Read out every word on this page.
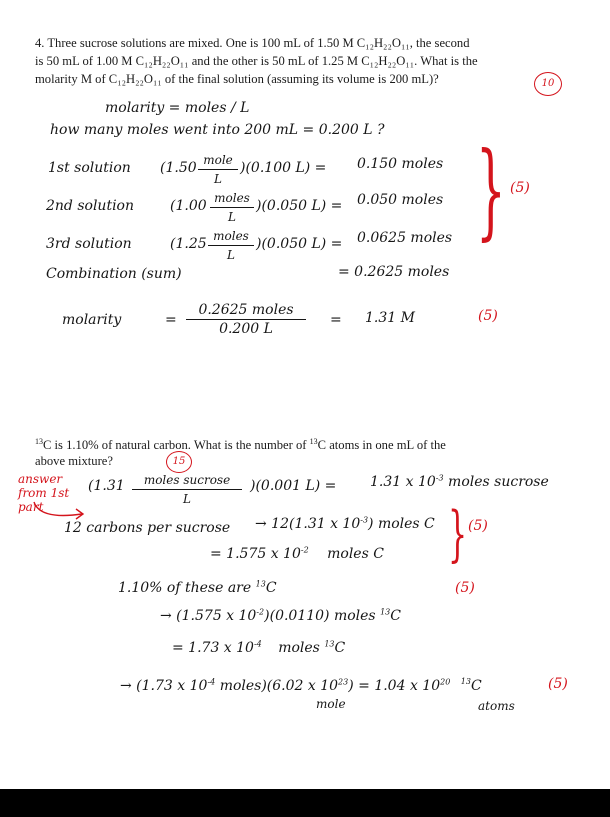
4. Three sucrose solutions are mixed. One is 100 mL of 1.50 M C₁₂H₂₂O₁₁, the second
is 50 mL of 1.00 M C₁₂H₂₂O₁₁ and the other is 50 mL of 1.25 M C₁₂H₂₂O₁₁. What is the
molarity M of C₁₂H₂₂O₁₁ of the final solution (assuming its volume is 200 mL)?	10
molarity = moles / L
how many moles went into 200 mL = 0.200 L ?
1st solution (1.50 mole
L
)(0.100 L) = 0.150 moles
2nd solution	(1.00 moles
L
)(0.050 L) = 0.050 moles
3rd solution	(1.25 moles
L
)(0.050 L) = 0.0625 moles } (5)
Combination (sum)	= 0.2625 moles
molarity	=
0.2625 moles
0.200 L
= 1.31 M	(5)
$^{13}$C is 1.10% of natural carbon. What is the number of $^{13}$C atoms in one mL of the
above mixture?	15
answer from 1st part
(1.31	moles sucrose
L
)(0.001 L) = 1.31 x $10^{-3}$ moles sucrose
12 carbons per sucrose → 12(1.31 x $10^{-3}$) moles C } (5)
= 1.575 x $10^{-2}$ moles C
1.10% of these are $^{13}$C	(5)
→ (1.575 x $10^{-2})(0.0110)$ moles $^{13}$C
= 1.73 x $10^{-4}$ moles $^{13}$C
→ (1.73 x $10^{-4}$ moles)(6.02 x $10^{23}) = 1.04$ x $10^{20}$ $^{13}$C	(5)
mole	atoms
